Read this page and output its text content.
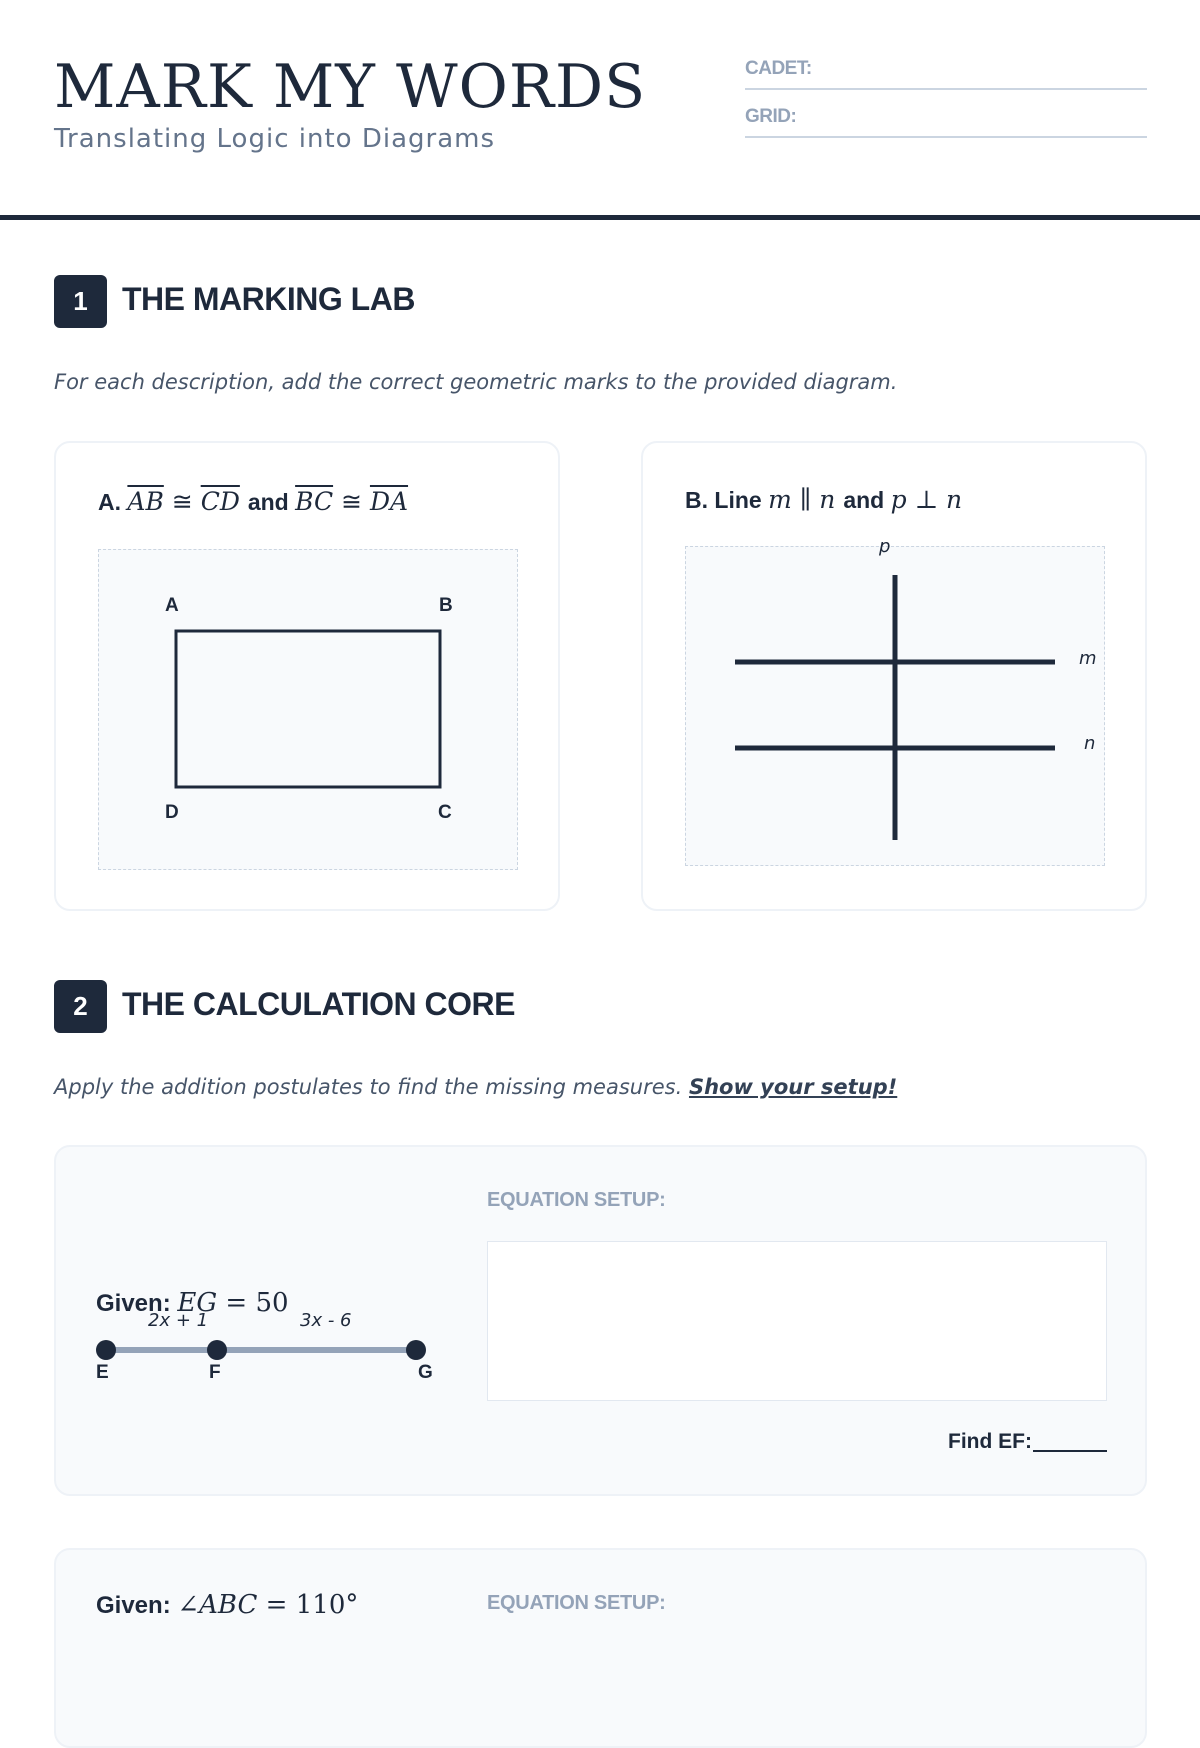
MARK MY WORDS
Translating Logic into Diagrams
CADET:
GRID:
1	THE MARKING LAB
For each description, add the correct geometric marks to the provided diagram.
A. $\overline{AB}$ ≅ $\overline{CD}$ and $\overline{BC}$ ≅ $\overline{DA}$
A	B
C
D
B. Line m ∥ n and p ⊥ n
p
m
n
2	THE CALCULATION CORE
Apply the addition postulates to find the missing measures. Show your setup!
Given: EG = 50
2x + 1	3x - 6
E	F	G
EQUATION SETUP:
Find EF:
Given: ∠ABC = 110°	EQUATION SETUP:
